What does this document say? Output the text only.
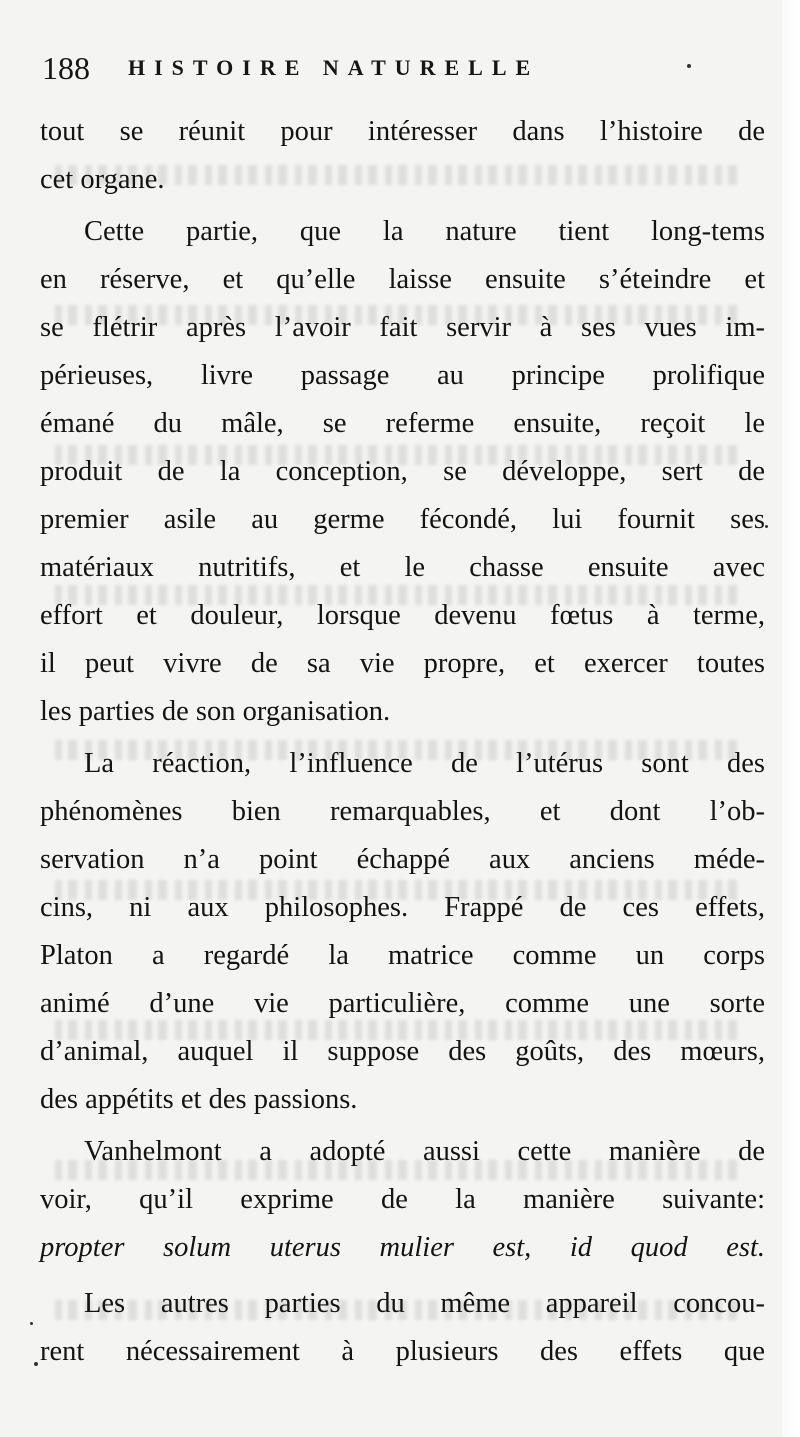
188 HISTOIRE NATURELLE
tout se réunit pour intéresser dans l’histoire de
cet organe.
Cette partie, que la nature tient long-tems
en réserve, et qu’elle laisse ensuite s’éteindre et
se flétrir après l’avoir fait servir à ses vues im-
périeuses, livre passage au principe prolifique
émané du mâle, se referme ensuite, reçoit le
produit de la conception, se développe, sert de
premier asile au germe fécondé, lui fournit ses
matériaux nutritifs, et le chasse ensuite avec
effort et douleur, lorsque devenu fœtus à terme,
il peut vivre de sa vie propre, et exercer toutes
les parties de son organisation.
La réaction, l’influence de l’utérus sont des
phénomènes bien remarquables, et dont l’ob-
servation n’a point échappé aux anciens méde-
cins, ni aux philosophes. Frappé de ces effets,
Platon a regardé la matrice comme un corps
animé d’une vie particulière, comme une sorte
d’animal, auquel il suppose des goûts, des mœurs,
des appétits et des passions.
Vanhelmont a adopté aussi cette manière de
voir, qu’il exprime de la manière suivante:
propter solum uterus mulier est, id quod est.
Les autres parties du même appareil concou-
rent nécessairement à plusieurs des effets que
